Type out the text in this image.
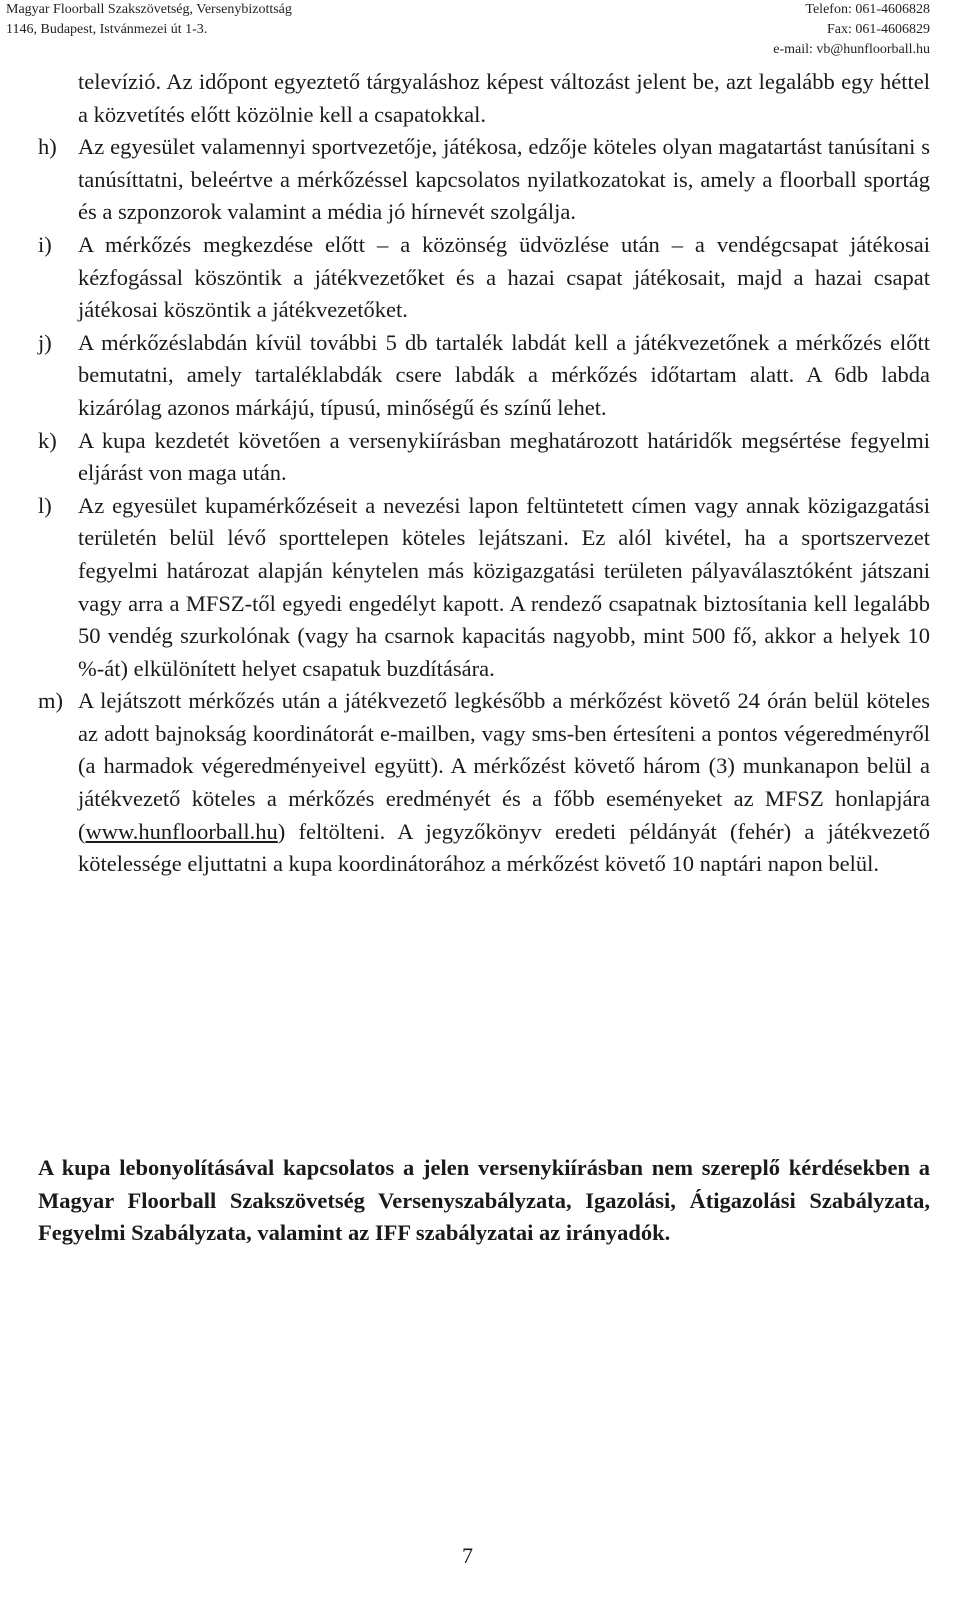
Magyar Floorball Szakszövetség, Versenybizottság
1146, Budapest, Istvánmezei út 1-3.
Telefon: 061-4606828
Fax: 061-4606829
e-mail: vb@hunfloorball.hu
televízió. Az időpont egyeztető tárgyaláshoz képest változást jelent be, azt legalább egy héttel a közvetítés előtt közölnie kell a csapatokkal.
h) Az egyesület valamennyi sportvezetője, játékosa, edzője köteles olyan magatartást tanúsítani s tanúsíttatni, beleértve a mérkőzéssel kapcsolatos nyilatkozatokat is, amely a floorball sportág és a szponzorok valamint a média jó hírnevét szolgálja.
i)	A mérkőzés megkezdése előtt – a közönség üdvözlése után – a vendégcsapat játékosai kézfogással köszöntik a játékvezetőket és a hazai csapat játékosait, majd a hazai csapat játékosai köszöntik a játékvezetőket.
j)	A mérkőzéslabdán kívül további 5 db tartalék labdát kell a játékvezetőnek a mérkőzés előtt bemutatni, amely tartaléklabdák csere labdák a mérkőzés időtartam alatt. A 6db labda kizárólag azonos márkájú, típusú, minőségű és színű lehet.
k) A kupa kezdetét követően a versenykiírásban meghatározott határidők megsértése fegyelmi eljárást von maga után.
l)	Az egyesület kupamérkőzéseit a nevezési lapon feltüntetett címen vagy annak közigazgatási területén belül lévő sporttelepen köteles lejátszani. Ez alól kivétel, ha a sportszervezet fegyelmi határozat alapján kénytelen más közigazgatási területen pályaválasztóként játszani vagy arra a MFSZ-től egyedi engedélyt kapott. A rendező csapatnak biztosítania kell legalább 50 vendég szurkolónak (vagy ha csarnok kapacitás nagyobb, mint 500 fő, akkor a helyek 10 %-át) elkülönített helyet csapatuk buzdítására.
m) A lejátszott mérkőzés után a játékvezető legkésőbb a mérkőzést követő 24 órán belül köteles az adott bajnokság koordinátorát e-mailben, vagy sms-ben értesíteni a pontos végeredményről (a harmadok végeredményeivel együtt). A mérkőzést követő három (3) munkanapon belül a játékvezető köteles a mérkőzés eredményét és a főbb eseményeket az MFSZ honlapjára (www.hunfloorball.hu) feltölteni. A jegyzőkönyv eredeti példányát (fehér) a játékvezető kötelessége eljuttatni a kupa koordinátorához a mérkőzést követő 10 naptári napon belül.
A kupa lebonyolításával kapcsolatos a jelen versenykiírásban nem szereplő kérdésekben a Magyar Floorball Szakszövetség Versenyszabályzata, Igazolási, Átigazolási Szabályzata, Fegyelmi Szabályzata, valamint az IFF szabályzatai az irányadók.
7
